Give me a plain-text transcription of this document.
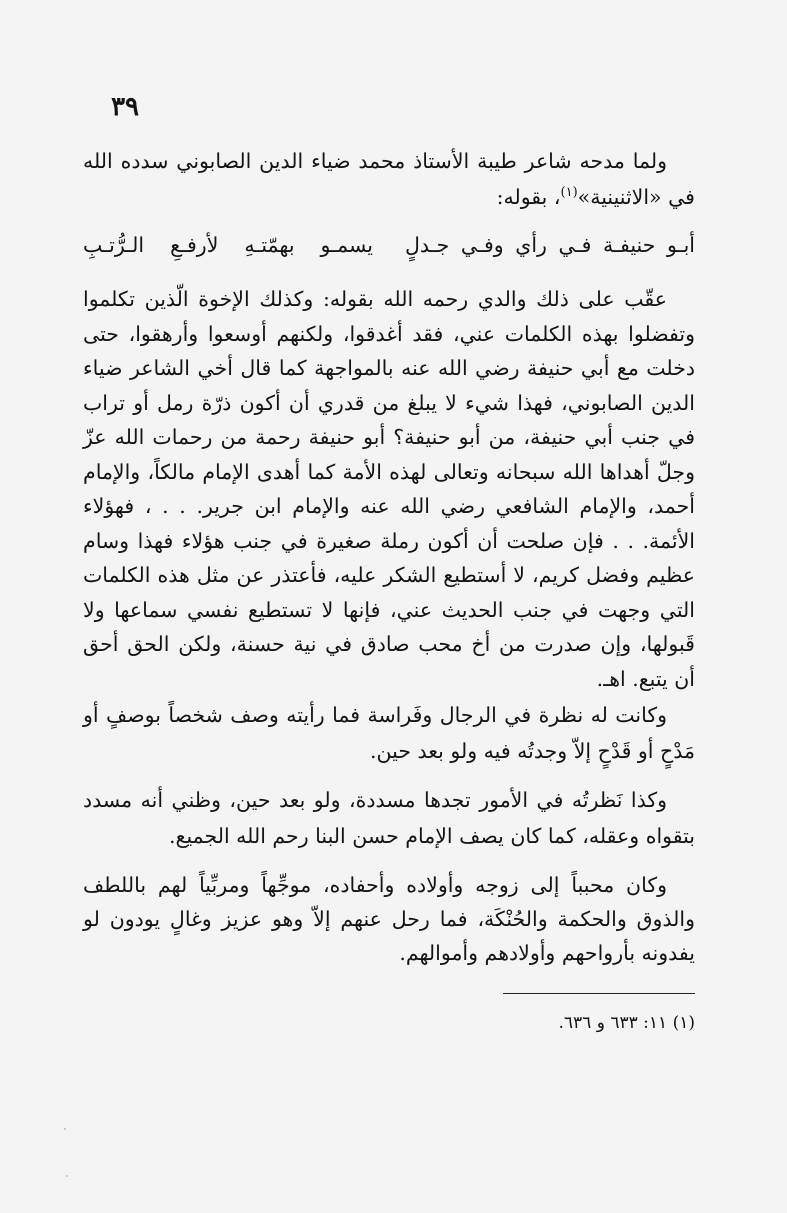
٣٩
ولما مدحه شاعر طيبة الأستاذ محمد ضياء الدين الصابوني سدده الله في «الاثنينية»$^{(١)}$، بقوله:
أبـو حنيفـة فـي رأي وفـي جـدلٍ
يسمـو بهمّتـهِ لأرفـعِ الـرُّتـبِ
عقّب على ذلك والدي رحمه الله بقوله: وكذلك الإخوة الّذين تكلموا وتفضلوا بهذه الكلمات عني، فقد أغدقوا، ولكنهم أوسعوا وأرهقوا، حتى دخلت مع أبي حنيفة رضي الله عنه بالمواجهة كما قال أخي الشاعر ضياء الدين الصابوني، فهذا شيء لا يبلغ من قدري أن أكون ذرّة رمل أو تراب في جنب أبي حنيفة، من أبو حنيفة؟ أبو حنيفة رحمة من رحمات الله عزّ وجلّ أهداها الله سبحانه وتعالى لهذه الأمة كما أهدى الإمام مالكاً، والإمام أحمد، والإمام الشافعي رضي الله عنه والإمام ابن جرير. . . ، فهؤلاء الأئمة. . . فإن صلحت أن أكون رملة صغيرة في جنب هؤلاء فهذا وسام عظيم وفضل كريم، لا أستطيع الشكر عليه، فأعتذر عن مثل هذه الكلمات التي وجهت في جنب الحديث عني، فإنها لا تستطيع نفسي سماعها ولا قَبولها، وإن صدرت من أخ محب صادق في نية حسنة، ولكن الحق أحق أن يتبع. اهـ.
وكانت له نظرة في الرجال وفَراسة فما رأيته وصف شخصاً بوصفٍ أو مَدْحٍ أو قَدْحٍ إلاّ وجدتُه فيه ولو بعد حين.
وكذا نَظرتُه في الأمور تجدها مسددة، ولو بعد حين، وظني أنه مسدد بتقواه وعقله، كما كان يصف الإمام حسن البنا رحم الله الجميع.
وكان محبباً إلى زوجه وأولاده وأحفاده، موجِّهاً ومربِّياً لهم باللطف والذوق والحكمة والحُنْكَة، فما رحل عنهم إلاّ وهو عزيز وغالٍ يودون لو يفدونه بأرواحهم وأولادهم وأموالهم.
(١) ١١: ٦٣٣ و ٦٣٦.
